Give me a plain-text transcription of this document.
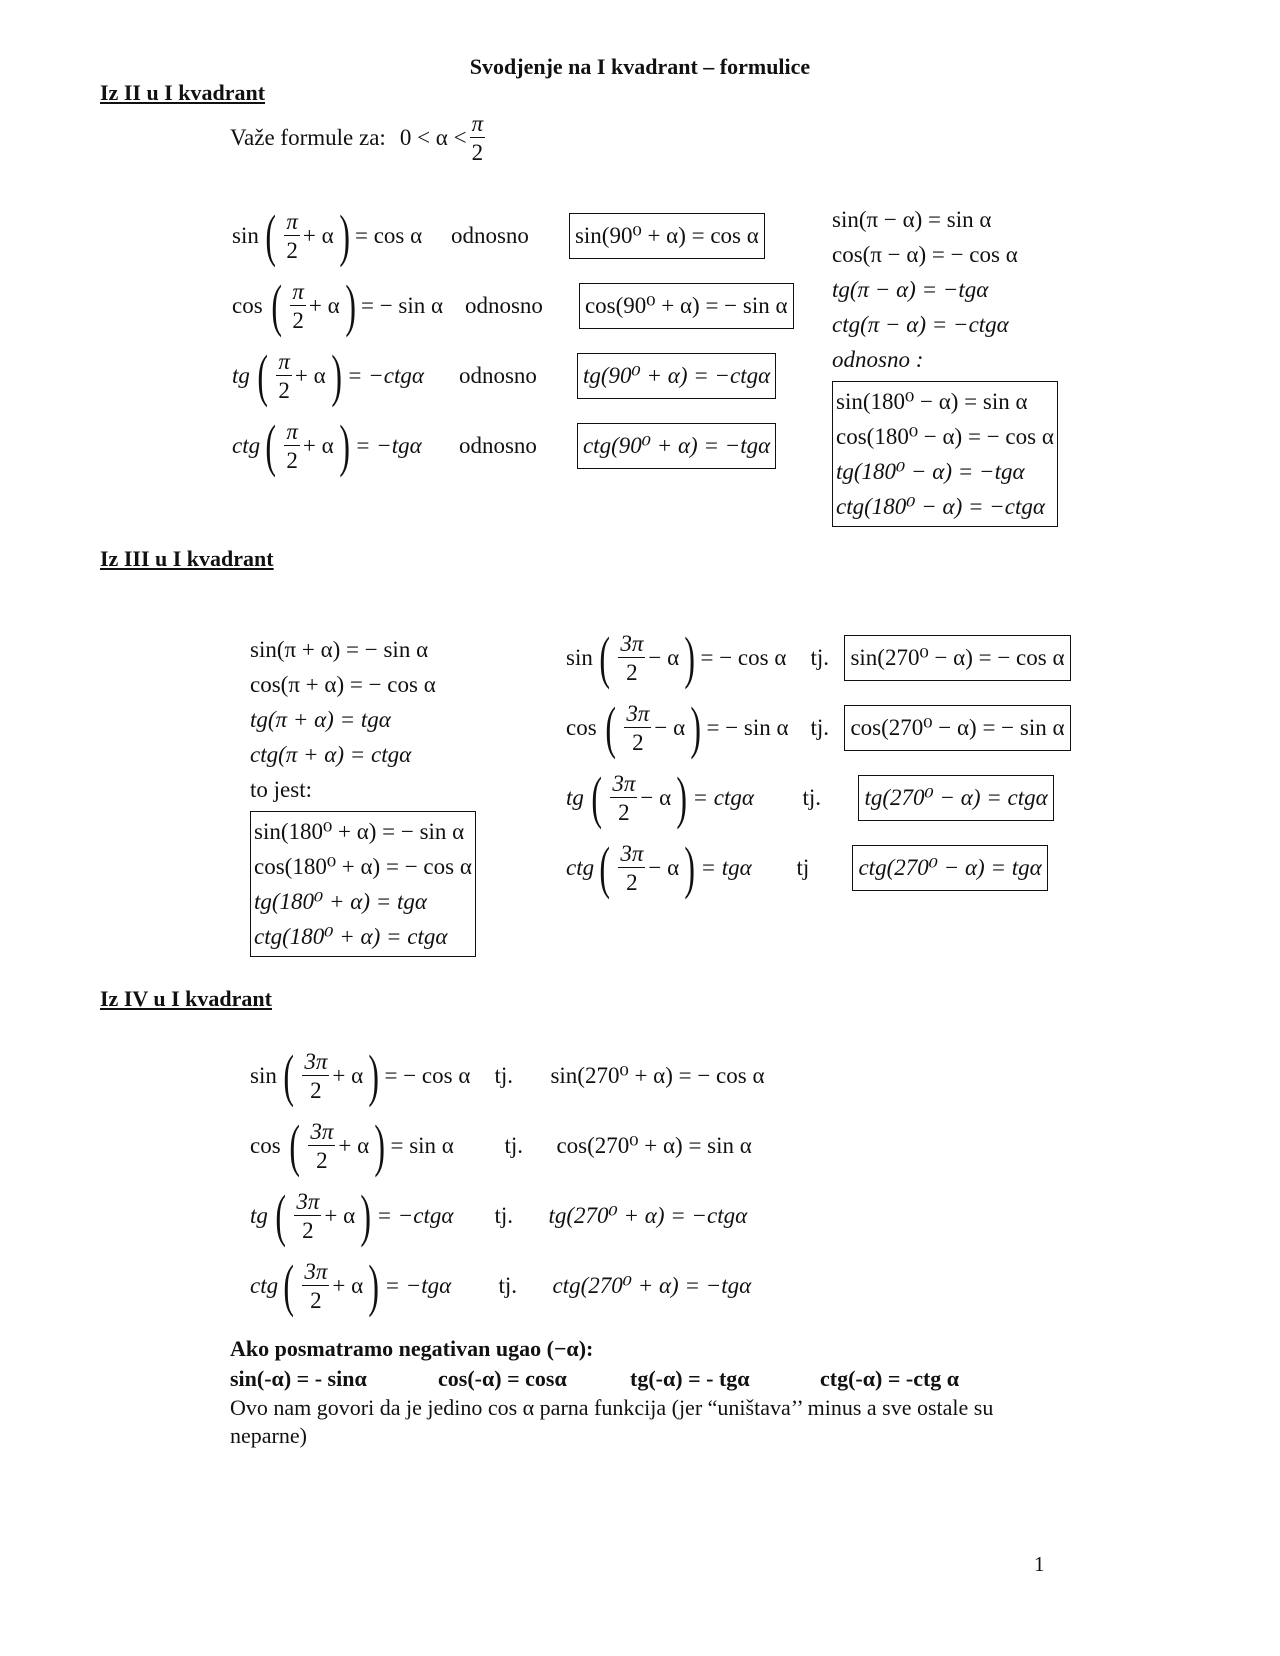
Svodjenje na I kvadrant – formulice
Iz II u I kvadrant
Važe formule za: $0 < \alpha < \frac{\pi}{2}$
sin ( $\frac{\pi}{2} + \alpha$ ) = cos α	odnosno	sin(90⁰ + α) = cos α
cos ( $\frac{\pi}{2} + \alpha$ ) = − sin α odnosno	cos(90⁰ + α) = − sin α
tg ( $\frac{\pi}{2} + \alpha$ ) = −ctgα	odnosno	tg(90⁰ + α) = −ctgα
ctg ( $\frac{\pi}{2} + \alpha$ ) = −tgα	odnosno	ctg(90⁰ + α) = −tgα
sin(π − α) = sin α
cos(π − α) = − cos α
tg(π − α) = −tgα
ctg(π − α) = −ctgα
odnosno :
sin(180⁰ − α) = sin α
cos(180⁰ − α) = − cos α
tg(180⁰ − α) = −tgα
ctg(180⁰ − α) = −ctgα
Iz III u I kvadrant
sin(π + α) = − sin α
cos(π + α) = − cos α
tg(π + α) = tgα
ctg(π + α) = ctgα
to jest:
sin(180⁰ + α) = − sin α
cos(180⁰ + α) = − cos α
tg(180⁰ + α) = tgα
ctg(180⁰ + α) = ctgα
sin ( $\frac{3\pi}{2} - \alpha$ ) = − cos α tj. sin(270⁰ − α) = − cos α
cos ( $\frac{3\pi}{2} - \alpha$ ) = − sin α tj. cos(270⁰ − α) = − sin α
tg ( $\frac{3\pi}{2} - \alpha$ ) = ctgα	tj.	tg(270⁰ − α) = ctgα
ctg ( $\frac{3\pi}{2} - \alpha$ ) = tgα	tj	ctg(270⁰ − α) = tgα
Iz IV u I kvadrant
sin ( $\frac{3\pi}{2} + \alpha$ ) = − cos α tj.	sin(270⁰ + α) = − cos α
cos ( $\frac{3\pi}{2} + \alpha$ ) = sin α	tj.	cos(270⁰ + α) = sin α
tg ( $\frac{3\pi}{2} + \alpha$ ) = −ctgα	tj.	tg(270⁰ + α) = −ctgα
ctg ( $\frac{3\pi}{2} + \alpha$ ) = −tgα	tj.	ctg(270⁰ + α) = −tgα
Ako posmatramo negativan ugao (−α):
sin(-α) = - sinα	cos(-α) = cosα	tg(-α) = - tgα	ctg(-α) = -ctg α
Ovo nam govori da je jedino cos α parna funkcija (jer “uništava’’ minus a sve ostale su neparne)
1
